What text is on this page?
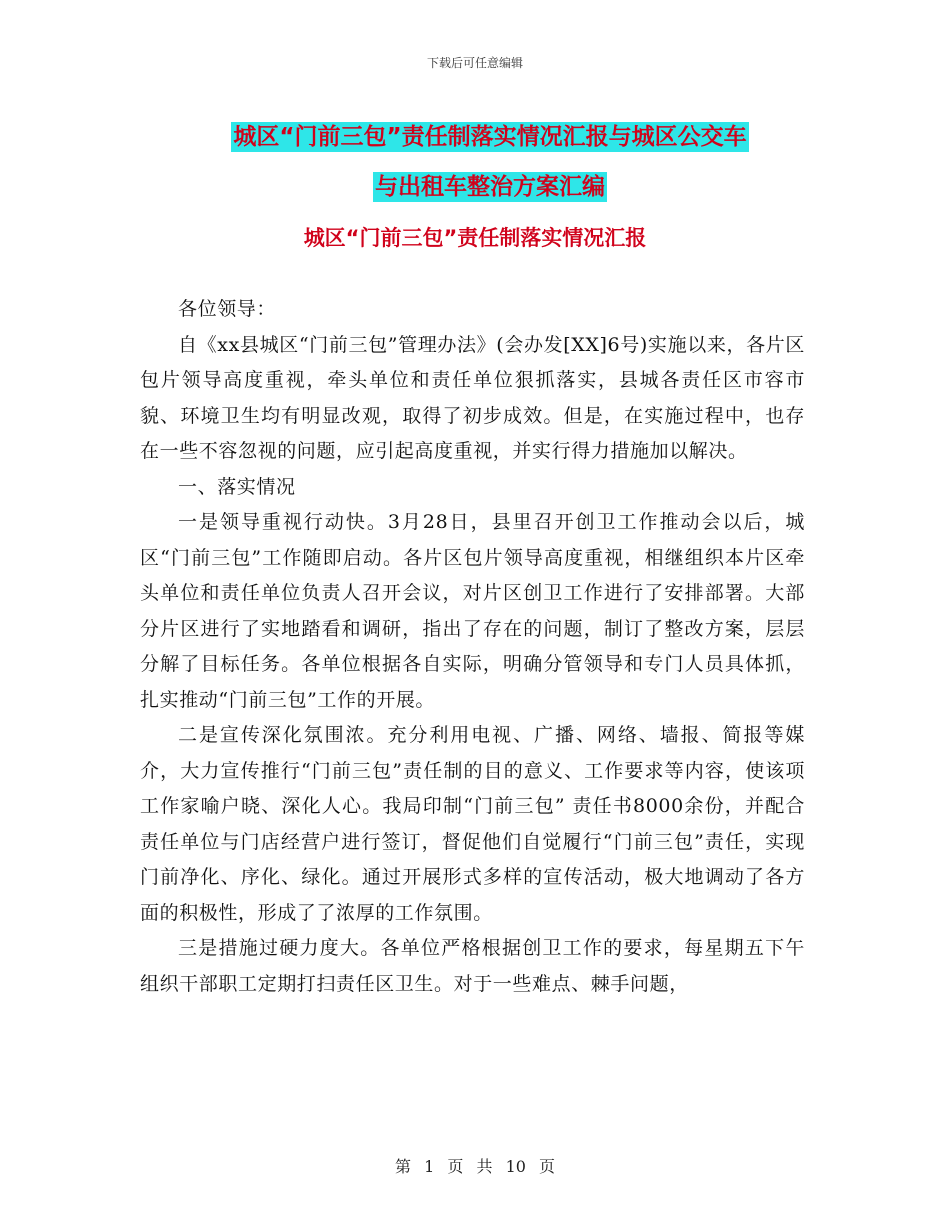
下载后可任意编辑
城区“门前三包”责任制落实情况汇报与城区公交车
与出租车整治方案汇编
城区“门前三包”责任制落实情况汇报

各位领导：

自《xx县城区“门前三包”管理办法》(会办发[XX]6号)实施以来，各片区包片领导高度重视，牵头单位和责任单位狠抓落实，县城各责任区市容市貌、环境卫生均有明显改观，取得了初步成效。但是，在实施过程中，也存在一些不容忽视的问题，应引起高度重视，并实行得力措施加以解决。

一、落实情况

一是领导重视行动快。3月28日，县里召开创卫工作推动会以后，城区“门前三包”工作随即启动。各片区包片领导高度重视，相继组织本片区牵头单位和责任单位负责人召开会议，对片区创卫工作进行了安排部署。大部分片区进行了实地踏看和调研，指出了存在的问题，制订了整改方案，层层分解了目标任务。各单位根据各自实际，明确分管领导和专门人员具体抓，扎实推动“门前三包”工作的开展。

二是宣传深化氛围浓。充分利用电视、广播、网络、墙报、简报等媒介，大力宣传推行“门前三包”责任制的目的意义、工作要求等内容，使该项工作家喻户晓、深化人心。我局印制“门前三包” 责任书8000余份，并配合责任单位与门店经营户进行签订，督促他们自觉履行“门前三包”责任，实现门前净化、序化、绿化。通过开展形式多样的宣传活动，极大地调动了各方面的积极性，形成了了浓厚的工作氛围。

三是措施过硬力度大。各单位严格根据创卫工作的要求，每星期五下午组织干部职工定期打扫责任区卫生。对于一些难点、棘手问题，

第 1 页 共 10 页
